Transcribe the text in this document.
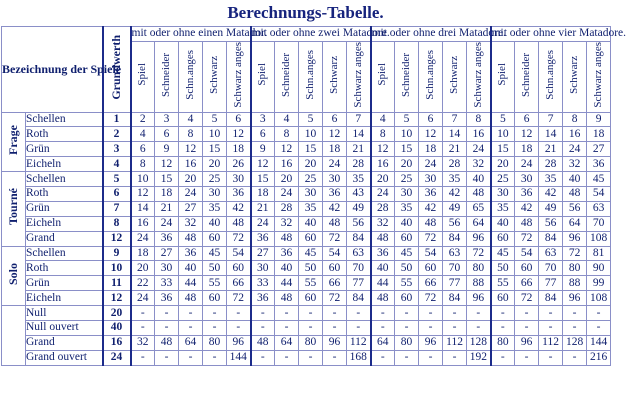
Berechnungs-Tabelle.
Bezeichnung der Spiele		Grundwerth	mit oder ohne einen Matador.					mit oder ohne zwei Matadore.					mit oder ohne drei Matadore.					mit oder ohne vier Matadore.				
			Spiel	Schneider	Schn.anges	Schwarz	Schwarz anges	Spiel	Schneider	Schn.anges	Schwarz	Schwarz anges	Spiel	Schneider	Schn.anges	Schwarz	Schwarz anges	Spiel	Schneider	Schn.anges	Schwarz	Schwarz anges
Frage	Schellen	1	2	3	4	5	6	3	4	5	6	7	4	5	6	7	8	5	6	7	8	9
	Roth	2	4	6	8	10	12	6	8	10	12	14	8	10	12	14	16	10	12	14	16	18
	Grün	3	6	9	12	15	18	9	12	15	18	21	12	15	18	21	24	15	18	21	24	27
	Eicheln	4	8	12	16	20	26	12	16	20	24	28	16	20	24	28	32	20	24	28	32	36
Tourné	Schellen	5	10	15	20	25	30	15	20	25	30	35	20	25	30	35	40	25	30	35	40	45
	Roth	6	12	18	24	30	36	18	24	30	36	43	24	30	36	42	48	30	36	42	48	54
	Grün	7	14	21	27	35	42	21	28	35	42	49	28	35	42	49	65	35	42	49	56	63
	Eicheln	8	16	24	32	40	48	24	32	40	48	56	32	40	48	56	64	40	48	56	64	70
	Grand	12	24	36	48	60	72	36	48	60	72	84	48	60	72	84	96	60	72	84	96	108
Solo	Schellen	9	18	27	36	45	54	27	36	45	54	63	36	45	54	63	72	45	54	63	72	81
	Roth	10	20	30	40	50	60	30	40	50	60	70	40	50	60	70	80	50	60	70	80	90
	Grün	11	22	33	44	55	66	33	44	55	66	77	44	55	66	77	88	55	66	77	88	99
	Eicheln	12	24	36	48	60	72	36	48	60	72	84	48	60	72	84	96	60	72	84	96	108
	Null	20	-	-	-	-	-	-	-	-	-	-	-	-	-	-	-	-	-	-	-	-
	Null ouvert	40	-	-	-	-	-	-	-	-	-	-	-	-	-	-	-	-	-	-	-	-
	Grand	16	32	48	64	80	96	48	64	80	96	112	64	80	96	112	128	80	96	112	128	144
	Grand ouvert	24	-	-	-	-	144	-	-	-	-	168	-	-	-	-	192	-	-	-	-	216
